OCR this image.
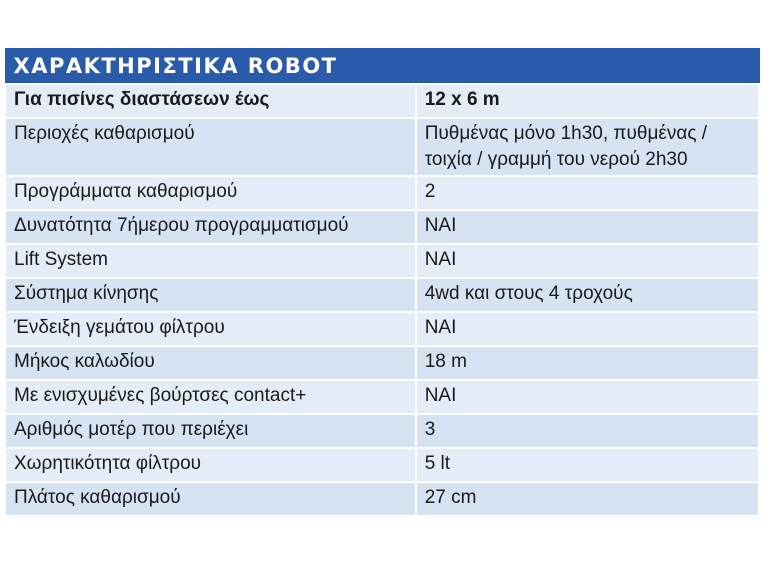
ΧΑΡΑΚΤΗΡΙΣΤΙΚΑ ROBOT	
Για πισίνες διαστάσεων έως	12 x 6 m
Περιοχές καθαρισμού	Πυθμένας μόνο 1h30, πυθμένας / τοιχία / γραμμή του νερού 2h30
Προγράμματα καθαρισμού	2
Δυνατότητα 7ήμερου προγραμματισμού	ΝΑΙ
Lift System	ΝΑΙ
Σύστημα κίνησης	4wd και στους 4 τροχούς
Ένδειξη γεμάτου φίλτρου	ΝΑΙ
Μήκος καλωδίου	18 m
Με ενισχυμένες βούρτσες contact+	ΝΑΙ
Αριθμός μοτέρ που περιέχει	3
Χωρητικότητα φίλτρου	5 lt
Πλάτος καθαρισμού	27 cm
